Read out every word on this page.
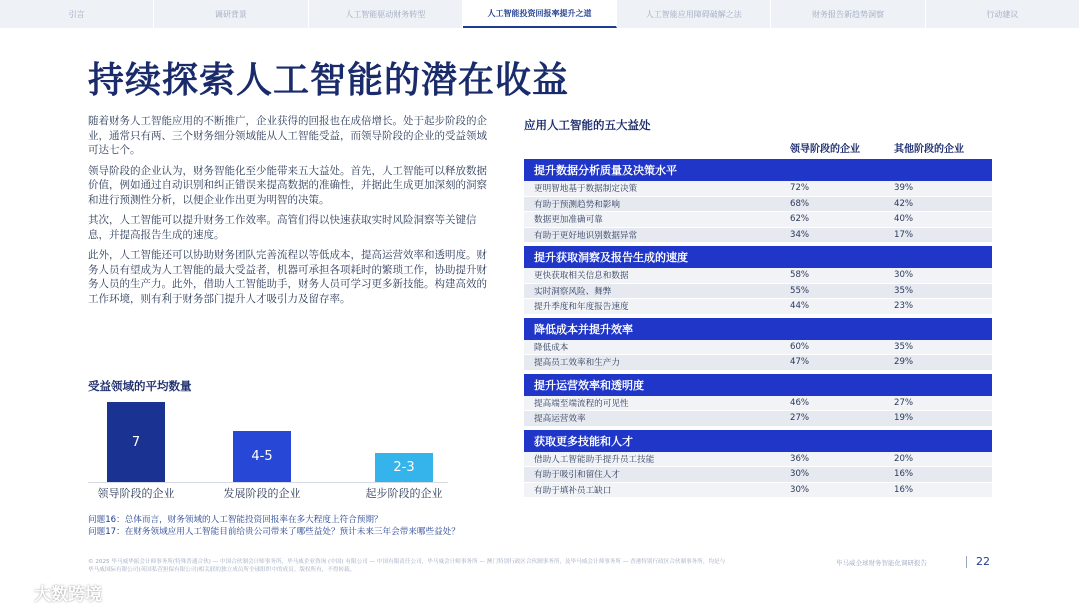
引言	调研背景	人工智能驱动财务转型	人工智能投资回报率提升之道	人工智能应用障碍破解之法	财务报告新趋势洞察	行动建议
持续探索人工智能的潜在收益

随着财务人工智能应用的不断推广，企业获得的回报也在成倍增长。处于起步阶段的企业，通常只有两、三个财务细分领域能从人工智能受益，而领导阶段的企业的受益领域可达七个。

领导阶段的企业认为，财务智能化至少能带来五大益处。首先，人工智能可以释放数据价值，例如通过自动识别和纠正错误来提高数据的准确性，并据此生成更加深刻的洞察和进行预测性分析，以便企业作出更为明智的决策。

其次，人工智能可以提升财务工作效率。高管们得以快速获取实时风险洞察等关键信息，并提高报告生成的速度。

此外，人工智能还可以协助财务团队完善流程以等低成本，提高运营效率和透明度。财务人员有望成为人工智能的最大受益者，机器可承担各项耗时的繁琐工作，协助提升财务人员的生产力。此外，借助人工智能助手，财务人员可学习更多新技能。构建高效的工作环境，则有利于财务部门提升人才吸引力及留存率。

受益领域的平均数量
7
领导阶段的企业
4-5
发展阶段的企业
2-3
起步阶段的企业
问题16：总体而言，财务领域的人工智能投资回报率在多大程度上符合预期？
问题17：在财务领域应用人工智能目前给贵公司带来了哪些益处？预计未来三年会带来哪些益处？
应用人工智能的五大益处
领导阶段的企业	其他阶段的企业
提升数据分析质量及决策水平
更明智地基于数据制定决策	72%	39%
有助于预测趋势和影响	68%	42%
数据更加准确可靠	62%	40%
有助于更好地识别数据异常	34%	17%
提升获取洞察及报告生成的速度
更快获取相关信息和数据	58%	30%
实时洞察风险、舞弊	55%	35%
提升季度和年度报告速度	44%	23%
降低成本并提升效率
降低成本	60%	35%
提高员工效率和生产力	47%	29%
提升运营效率和透明度
提高端至端流程的可见性	46%	27%
提高运营效率	27%	19%
获取更多技能和人才
借助人工智能助手提升员工技能	36%	20%
有助于吸引和留住人才	30%	16%
有助于填补员工缺口	30%	16%
© 2025 毕马威华振会计师事务所(特殊普通合伙) — 中国合伙制会计师事务所，毕马威企业咨询 (中国) 有限公司 — 中国有限责任公司，毕马威会计师事务所 — 澳门特别行政区合伙制事务所，及毕马威会计师事务所 — 香港特别行政区合伙制事务所，均是与毕马威国际有限公司(英国私营担保有限公司)相关联的独立成员所全球组织中的成员。版权所有，不得转载。
毕马威全球财务智能化调研报告	22
大数跨境
